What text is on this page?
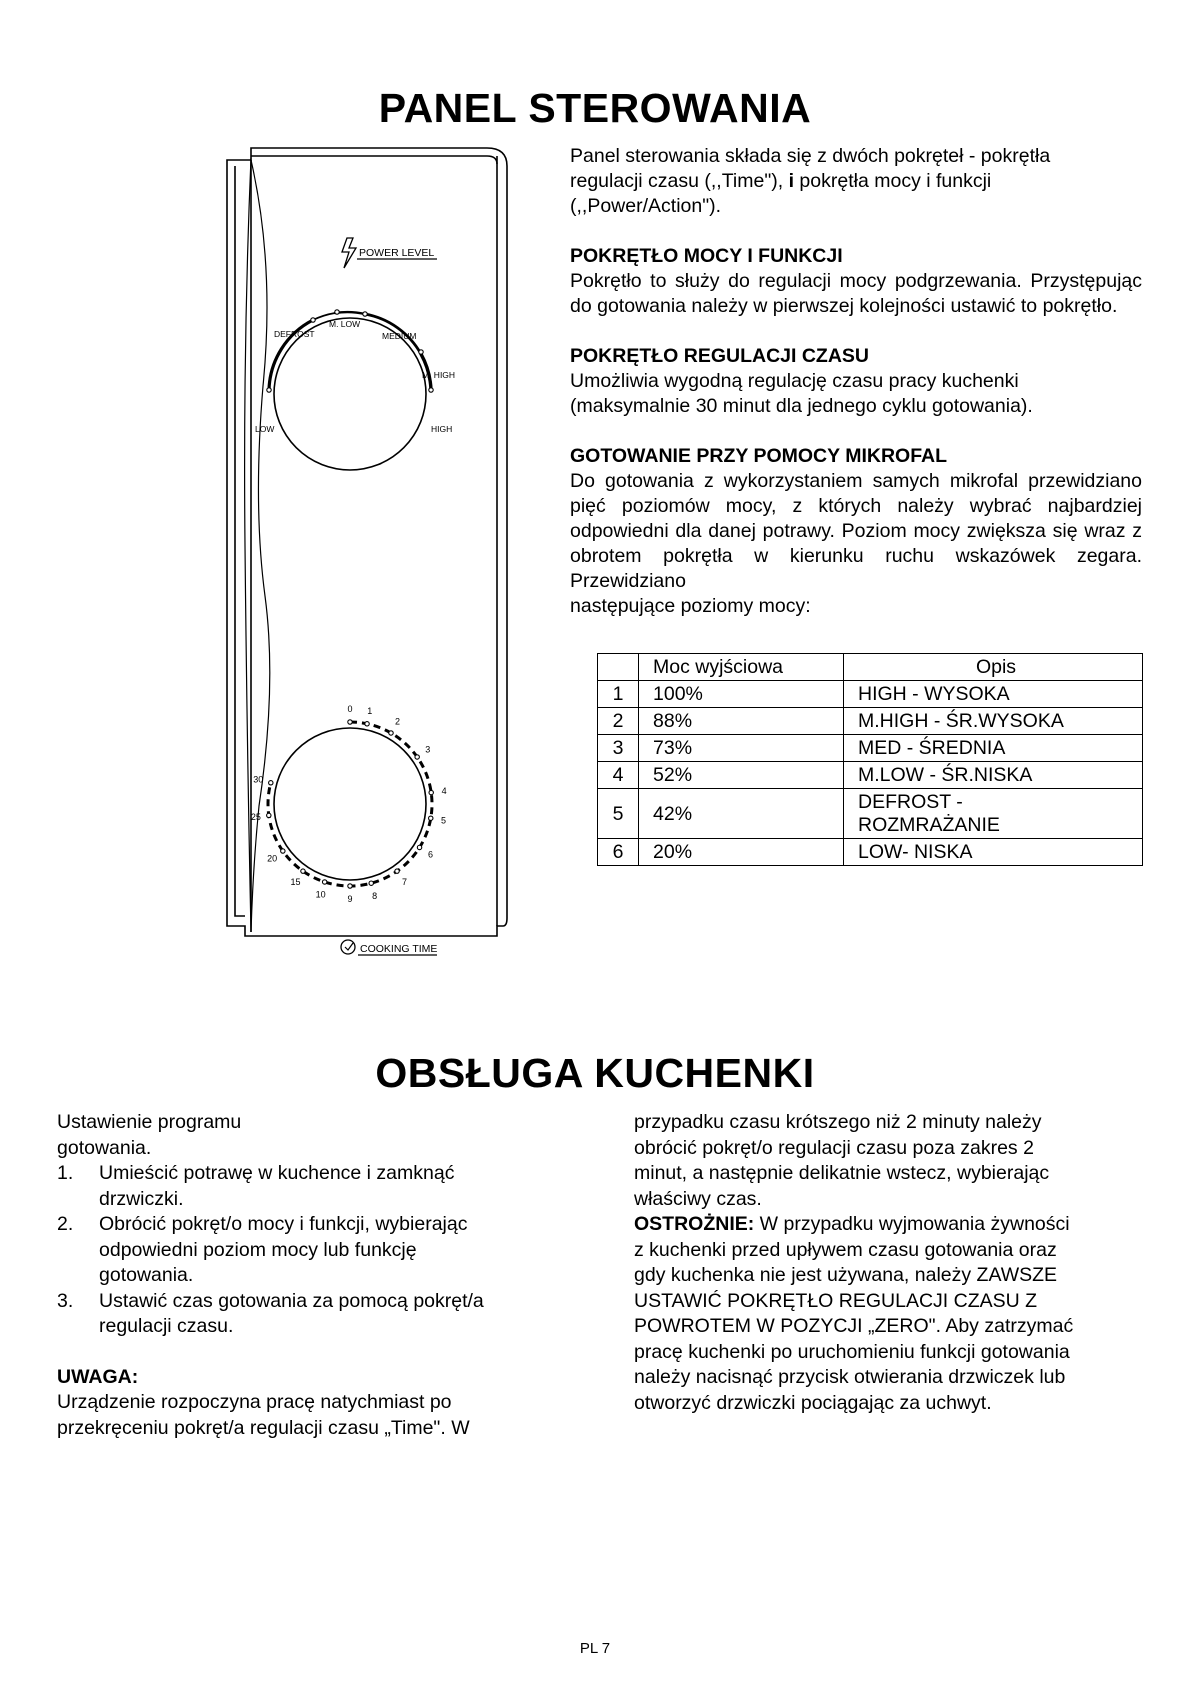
PANEL STEROWANIA
POWER LEVEL
LOW
DEFROST
M. LOW
MEDIUM
M. HIGH
HIGH
0 1
2
3
4
5
6
7
8
9
10
15
20
25
30
COOKING TIME
Panel sterowania składa się z dwóch pokręteł - pokrętła
regulacji czasu (,,Time"), i pokrętła mocy i funkcji
(,,Power/Action").
POKRĘTŁO MOCY I FUNKCJI
Pokrętło to służy do regulacji mocy podgrzewania. Przystępując do gotowania należy w pierwszej kolejności ustawić to pokrętło.
POKRĘTŁO REGULACJI CZASU
Umożliwia wygodną regulację czasu pracy kuchenki
(maksymalnie 30 minut dla jednego cyklu gotowania).
GOTOWANIE PRZY POMOCY MIKROFAL
Do gotowania z wykorzystaniem samych mikrofal przewidziano pięć poziomów mocy, z których należy wybrać najbardziej odpowiedni dla danej potrawy. Poziom mocy zwiększa się wraz z obrotem pokrętła w kierunku ruchu wskazówek zegara. Przewidziano
następujące poziomy mocy:
	Moc wyjściowa	Opis
1	100%	HIGH - WYSOKA
2	88%	M.HIGH - ŚR.WYSOKA
3	73%	MED - ŚREDNIA
4	52%	M.LOW - ŚR.NISKA
5	42%	DEFROST -
ROZMRAŻANIE

6	20%	LOW- NISKA
OBSŁUGA KUCHENKI
Ustawienie programu
gotowania.
1.	Umieścić potrawę w kuchence i zamknąć
drzwiczki.
2.	Obrócić pokręt/o mocy i funkcji, wybierając
odpowiedni poziom mocy lub funkcję
gotowania.
3.	Ustawić czas gotowania za pomocą pokręt/a
regulacji czasu.
UWAGA:
Urządzenie rozpoczyna pracę natychmiast po
przekręceniu pokręt/a regulacji czasu „Time". W
przypadku czasu krótszego niż 2 minuty należy
obrócić pokręt/o regulacji czasu poza zakres 2
minut, a następnie delikatnie wstecz, wybierając
właściwy czas.
OSTROŻNIE: W przypadku wyjmowania żywności
z kuchenki przed upływem czasu gotowania oraz
gdy kuchenka nie jest używana, należy ZAWSZE
USTAWIĆ POKRĘTŁO REGULACJI CZASU Z
POWROTEM W POZYCJI „ZERO". Aby zatrzymać
pracę kuchenki po uruchomieniu funkcji gotowania
należy nacisnąć przycisk otwierania drzwiczek lub
otworzyć drzwiczki pociągając za uchwyt.
PL 7
